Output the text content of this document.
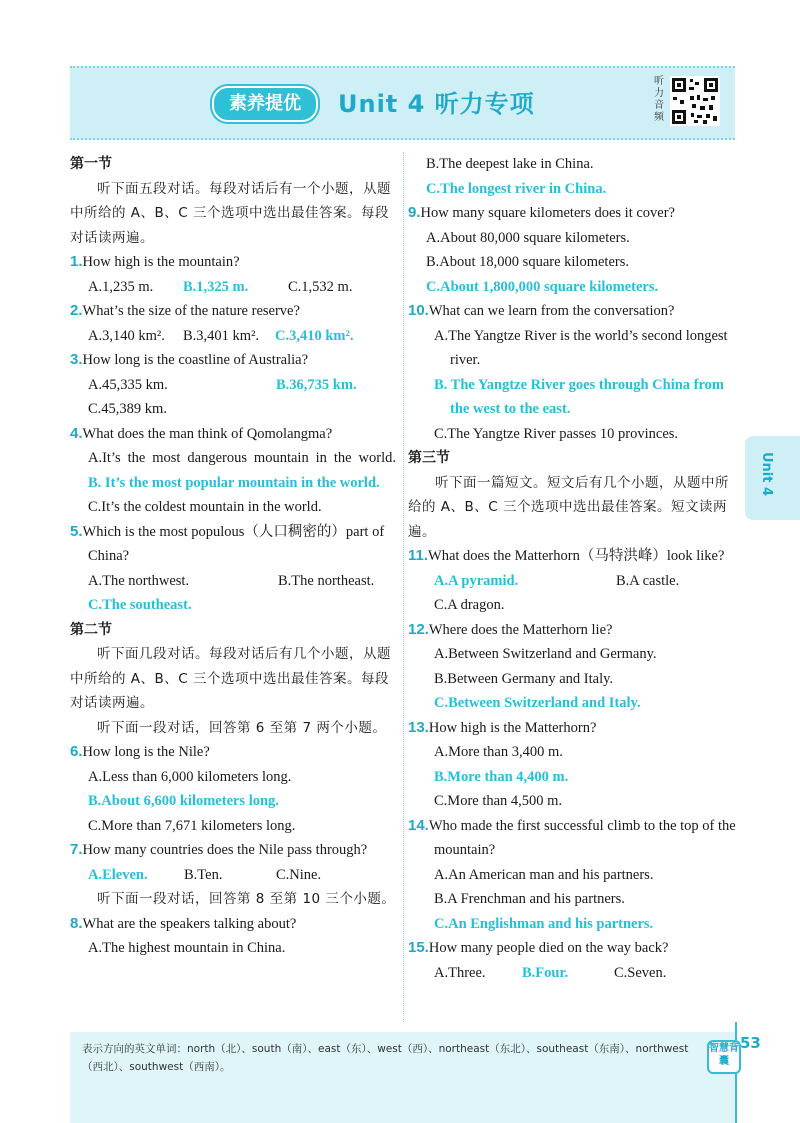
素养提优	Unit 4 听力专项
听力音频

第一节

听下面五段对话。每段对话后有一个小题，从题中所给的 A、B、C 三个选项中选出最佳答案。每段对话读两遍。

1.How high is the mountain?

A.1,235 m.	B.1,325 m.	C.1,532 m.

2.What’s the size of the nature reserve?

A.3,140 km².	B.3,401 km².	C.3,410 km².

3.How long is the coastline of Australia?

A.45,335 km.	B.36,735 km.

C.45,389 km.

4.What does the man think of Qomolangma?

A.It’s the most dangerous mountain in the world.

B. It’s the most popular mountain in the world.

C.It’s the coldest mountain in the world.

5.Which is the most populous（人口稠密的）part of China?

A.The northwest.	B.The northeast.

C.The southeast.

第二节

听下面几段对话。每段对话后有几个小题，从题中所给的 A、B、C 三个选项中选出最佳答案。每段对话读两遍。

听下面一段对话，回答第 6 至第 7 两个小题。

6.How long is the Nile?

A.Less than 6,000 kilometers long.

B.About 6,600 kilometers long.

C.More than 7,671 kilometers long.

7.How many countries does the Nile pass through?

A.Eleven.	B.Ten.	C.Nine.

听下面一段对话，回答第 8 至第 10 三个小题。

8.What are the speakers talking about?

A.The highest mountain in China.

B.The deepest lake in China.

C.The longest river in China.

9.How many square kilometers does it cover?

A.About 80,000 square kilometers.

B.About 18,000 square kilometers.

C.About 1,800,000 square kilometers.

10.What can we learn from the conversation?

A.The Yangtze River is the world’s second longest river.

B. The Yangtze River goes through China from the west to the east.

C.The Yangtze River passes 10 provinces.

第三节

听下面一篇短文。短文后有几个小题，从题中所给的 A、B、C 三个选项中选出最佳答案。短文读两遍。

11.What does the Matterhorn（马特洪峰）look like?

A.A pyramid.	B.A castle.

C.A dragon.

12.Where does the Matterhorn lie?

A.Between Switzerland and Germany.

B.Between Germany and Italy.

C.Between Switzerland and Italy.

13.How high is the Matterhorn?

A.More than 3,400 m.

B.More than 4,400 m.

C.More than 4,500 m.

14.Who made the first successful climb to the top of the mountain?

A.An American man and his partners.

B.A Frenchman and his partners.

C.An Englishman and his partners.

15.How many people died on the way back?

A.Three.	B.Four.	C.Seven.

Unit 4
表示方向的英文单词：north（北）、south（南）、east（东）、west（西）、northeast（东北）、southeast（东南）、northwest（西北）、southwest（西南）。
智慧背囊
53
